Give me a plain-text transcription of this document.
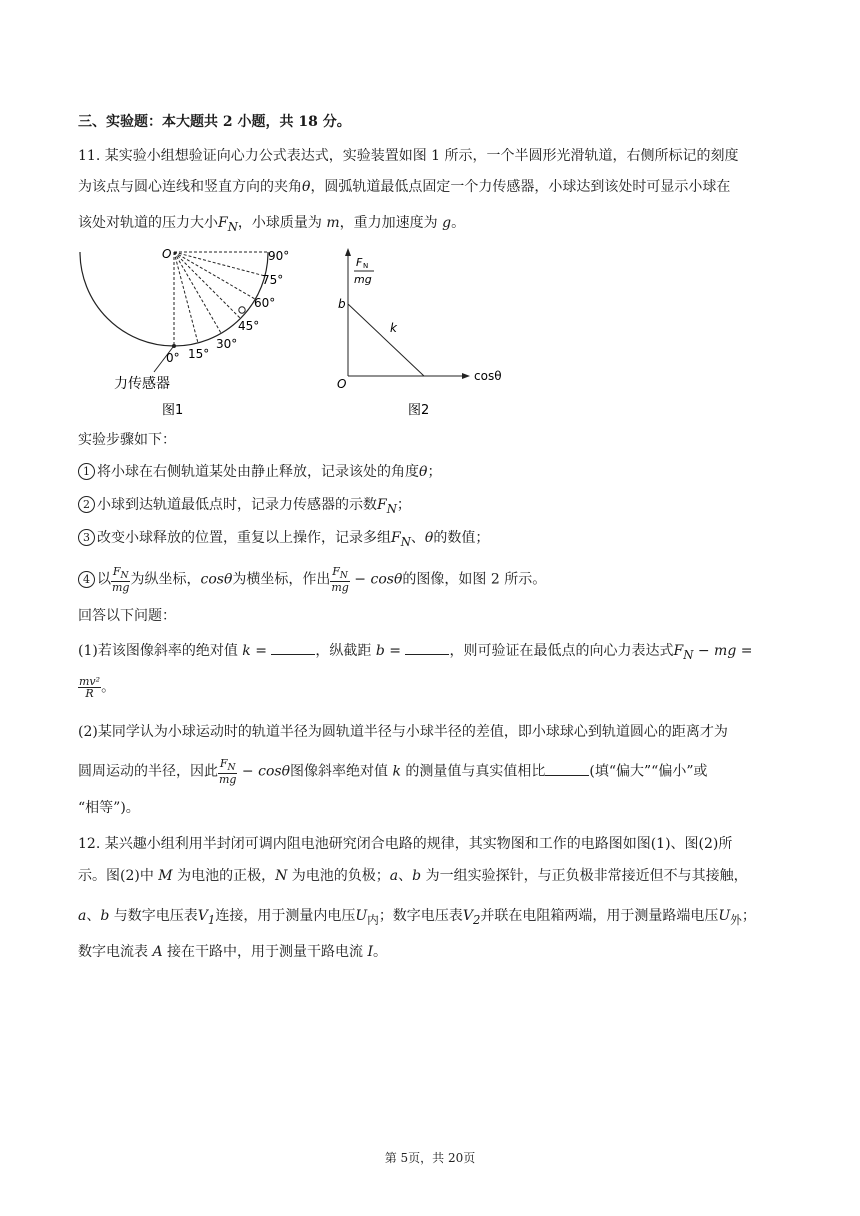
三、实验题：本大题共 2 小题，共 18 分。
11. 某实验小组想验证向心力公式表达式，实验装置如图 1 所示，一个半圆形光滑轨道，右侧所标记的刻度
为该点与圆心连线和竖直方向的夹角θ，圆弧轨道最低点固定一个力传感器，小球达到该处时可显示小球在
该处对轨道的压力大小$F_N$，小球质量为 m，重力加速度为 g。
O	90°
75°
60°
45°
30°
15°
0°
力传感器
图1
F N
mg
cosθ
O
b
k
图2
实验步骤如下：
1 将小球在右侧轨道某处由静止释放，记录该处的角度θ；
2 小球到达轨道最低点时，记录力传感器的示数$F_N$；
3 改变小球释放的位置，重复以上操作，记录多组$F_N$、θ的数值；
4 以 $\frac{F_N}{mg}$ 为纵坐标，cosθ为横坐标，作出 $\frac{F_N}{mg} - \cos\theta$的图像，如图 2 所示。
回答以下问题：
(1)若该图像斜率的绝对值 k =	，纵截距 b =	，则可验证在最低点的向心力表达式$F_N$ − mg =
$\frac{\text{mv²}}{R}$ 。
(2)某同学认为小球运动时的轨道半径为圆轨道半径与小球半径的差值，即小球球心到轨道圆心的距离才为
圆周运动的半径，因此 $\frac{F_N}{mg} - \cos\theta$图像斜率绝对值 k 的测量值与真实值相比	(填“偏大”“偏小”或
“相等”)。
12. 某兴趣小组利用半封闭可调内阻电池研究闭合电路的规律，其实物图和工作的电路图如图(1)、图(2)所
示。图(2)中 M 为电池的正极，N 为电池的负极；a、b 为一组实验探针，与正负极非常接近但不与其接触，
a、b 与数字电压表$V_1$连接，用于测量内电压$U_内$；数字电压表$V_2$并联在电阻箱两端，用于测量路端电压$U_外$；
数字电流表 A 接在干路中，用于测量干路电流 I。
第 5页，共 20页
